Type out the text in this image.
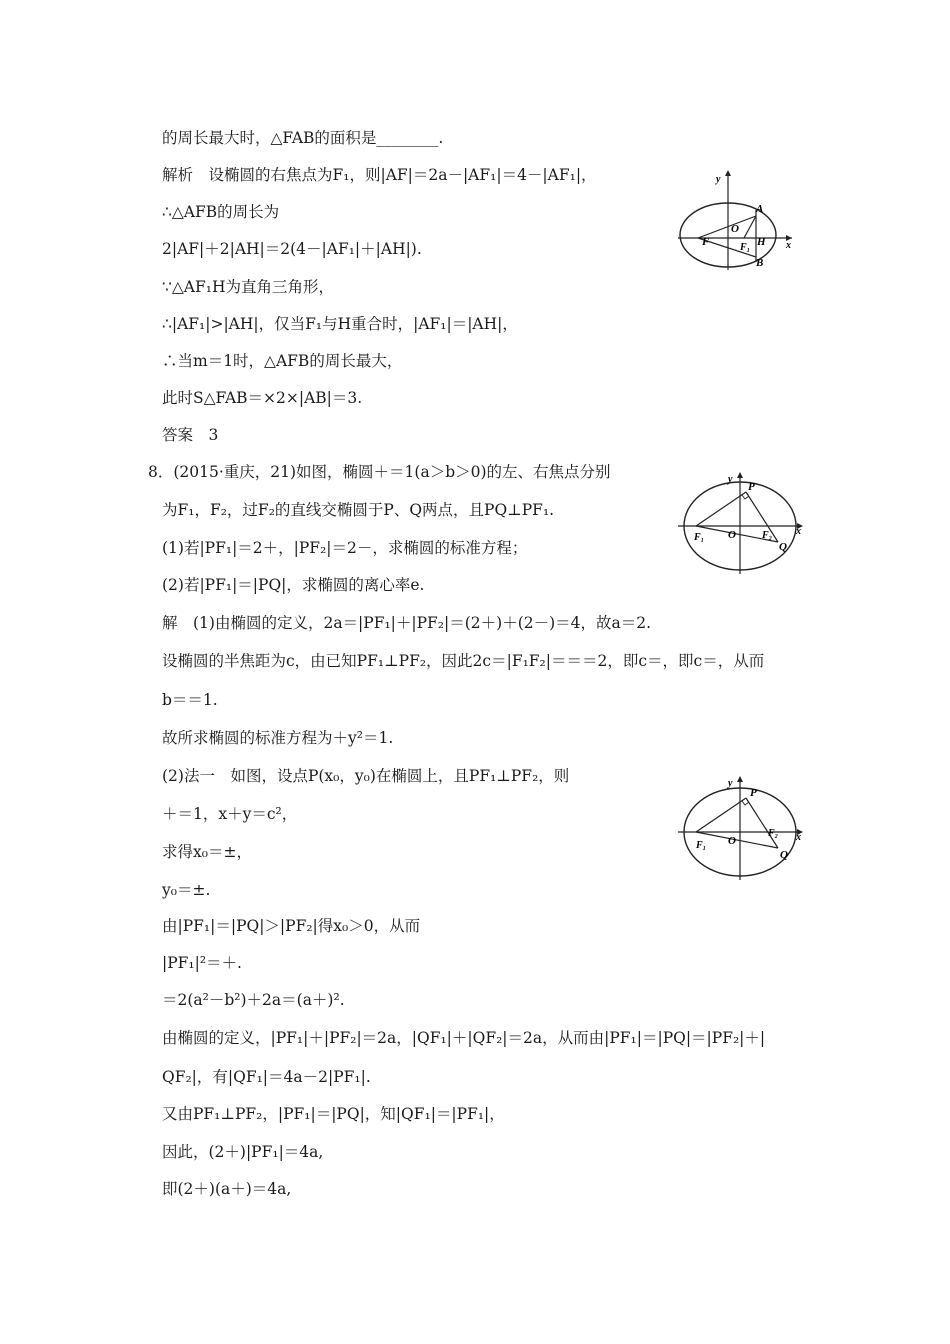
的周长最大时，△FAB的面积是________.
解析　设椭圆的右焦点为F₁，则|AF|＝2a－|AF₁|＝4－|AF₁|，
∴△AFB的周长为
2|AF|＋2|AH|＝2(4－|AF₁|＋|AH|).
∵△AF₁H为直角三角形，
∴|AF₁|>|AH|，仅当F₁与H重合时，|AF₁|＝|AH|，
∴当m＝1时，△AFB的周长最大，
此时S△FAB＝×2×|AB|＝3.
答案　3
8．(2015·重庆，21)如图，椭圆＋＝1(a＞b＞0)的左、右焦点分别
为F₁，F₂，过F₂的直线交椭圆于P、Q两点，且PQ⊥PF₁.
(1)若|PF₁|＝2＋，|PF₂|＝2－，求椭圆的标准方程；
(2)若|PF₁|＝|PQ|，求椭圆的离心率e.
解　(1)由椭圆的定义，2a＝|PF₁|＋|PF₂|＝(2＋)＋(2－)＝4，故a＝2.
设椭圆的半焦距为c，由已知PF₁⊥PF₂，因此2c＝|F₁F₂|＝＝＝2，即c＝，即c＝，从而
b＝＝1.
故所求椭圆的标准方程为＋y²＝1.
(2)法一　如图，设点P(x₀，y₀)在椭圆上，且PF₁⊥PF₂，则
＋＝1，x＋y＝c²，
求得x₀＝±，
y₀＝±.
由|PF₁|＝|PQ|＞|PF₂|得x₀＞0，从而
|PF₁|²＝＋.
＝2(a²－b²)＋2a＝(a＋)².
由椭圆的定义，|PF₁|＋|PF₂|＝2a，|QF₁|＋|QF₂|＝2a，从而由|PF₁|＝|PQ|＝|PF₂|＋|
QF₂|，有|QF₁|＝4a－2|PF₁|.
又由PF₁⊥PF₂，|PF₁|＝|PQ|，知|QF₁|＝|PF₁|，
因此，(2＋)|PF₁|＝4a,
即(2＋)(a＋)＝4a,
y
x
A
B
F
O
F₁ H
y
x
P
F₁ O	F₂
Q
y
x
P
F₁ O
F₂
Q
